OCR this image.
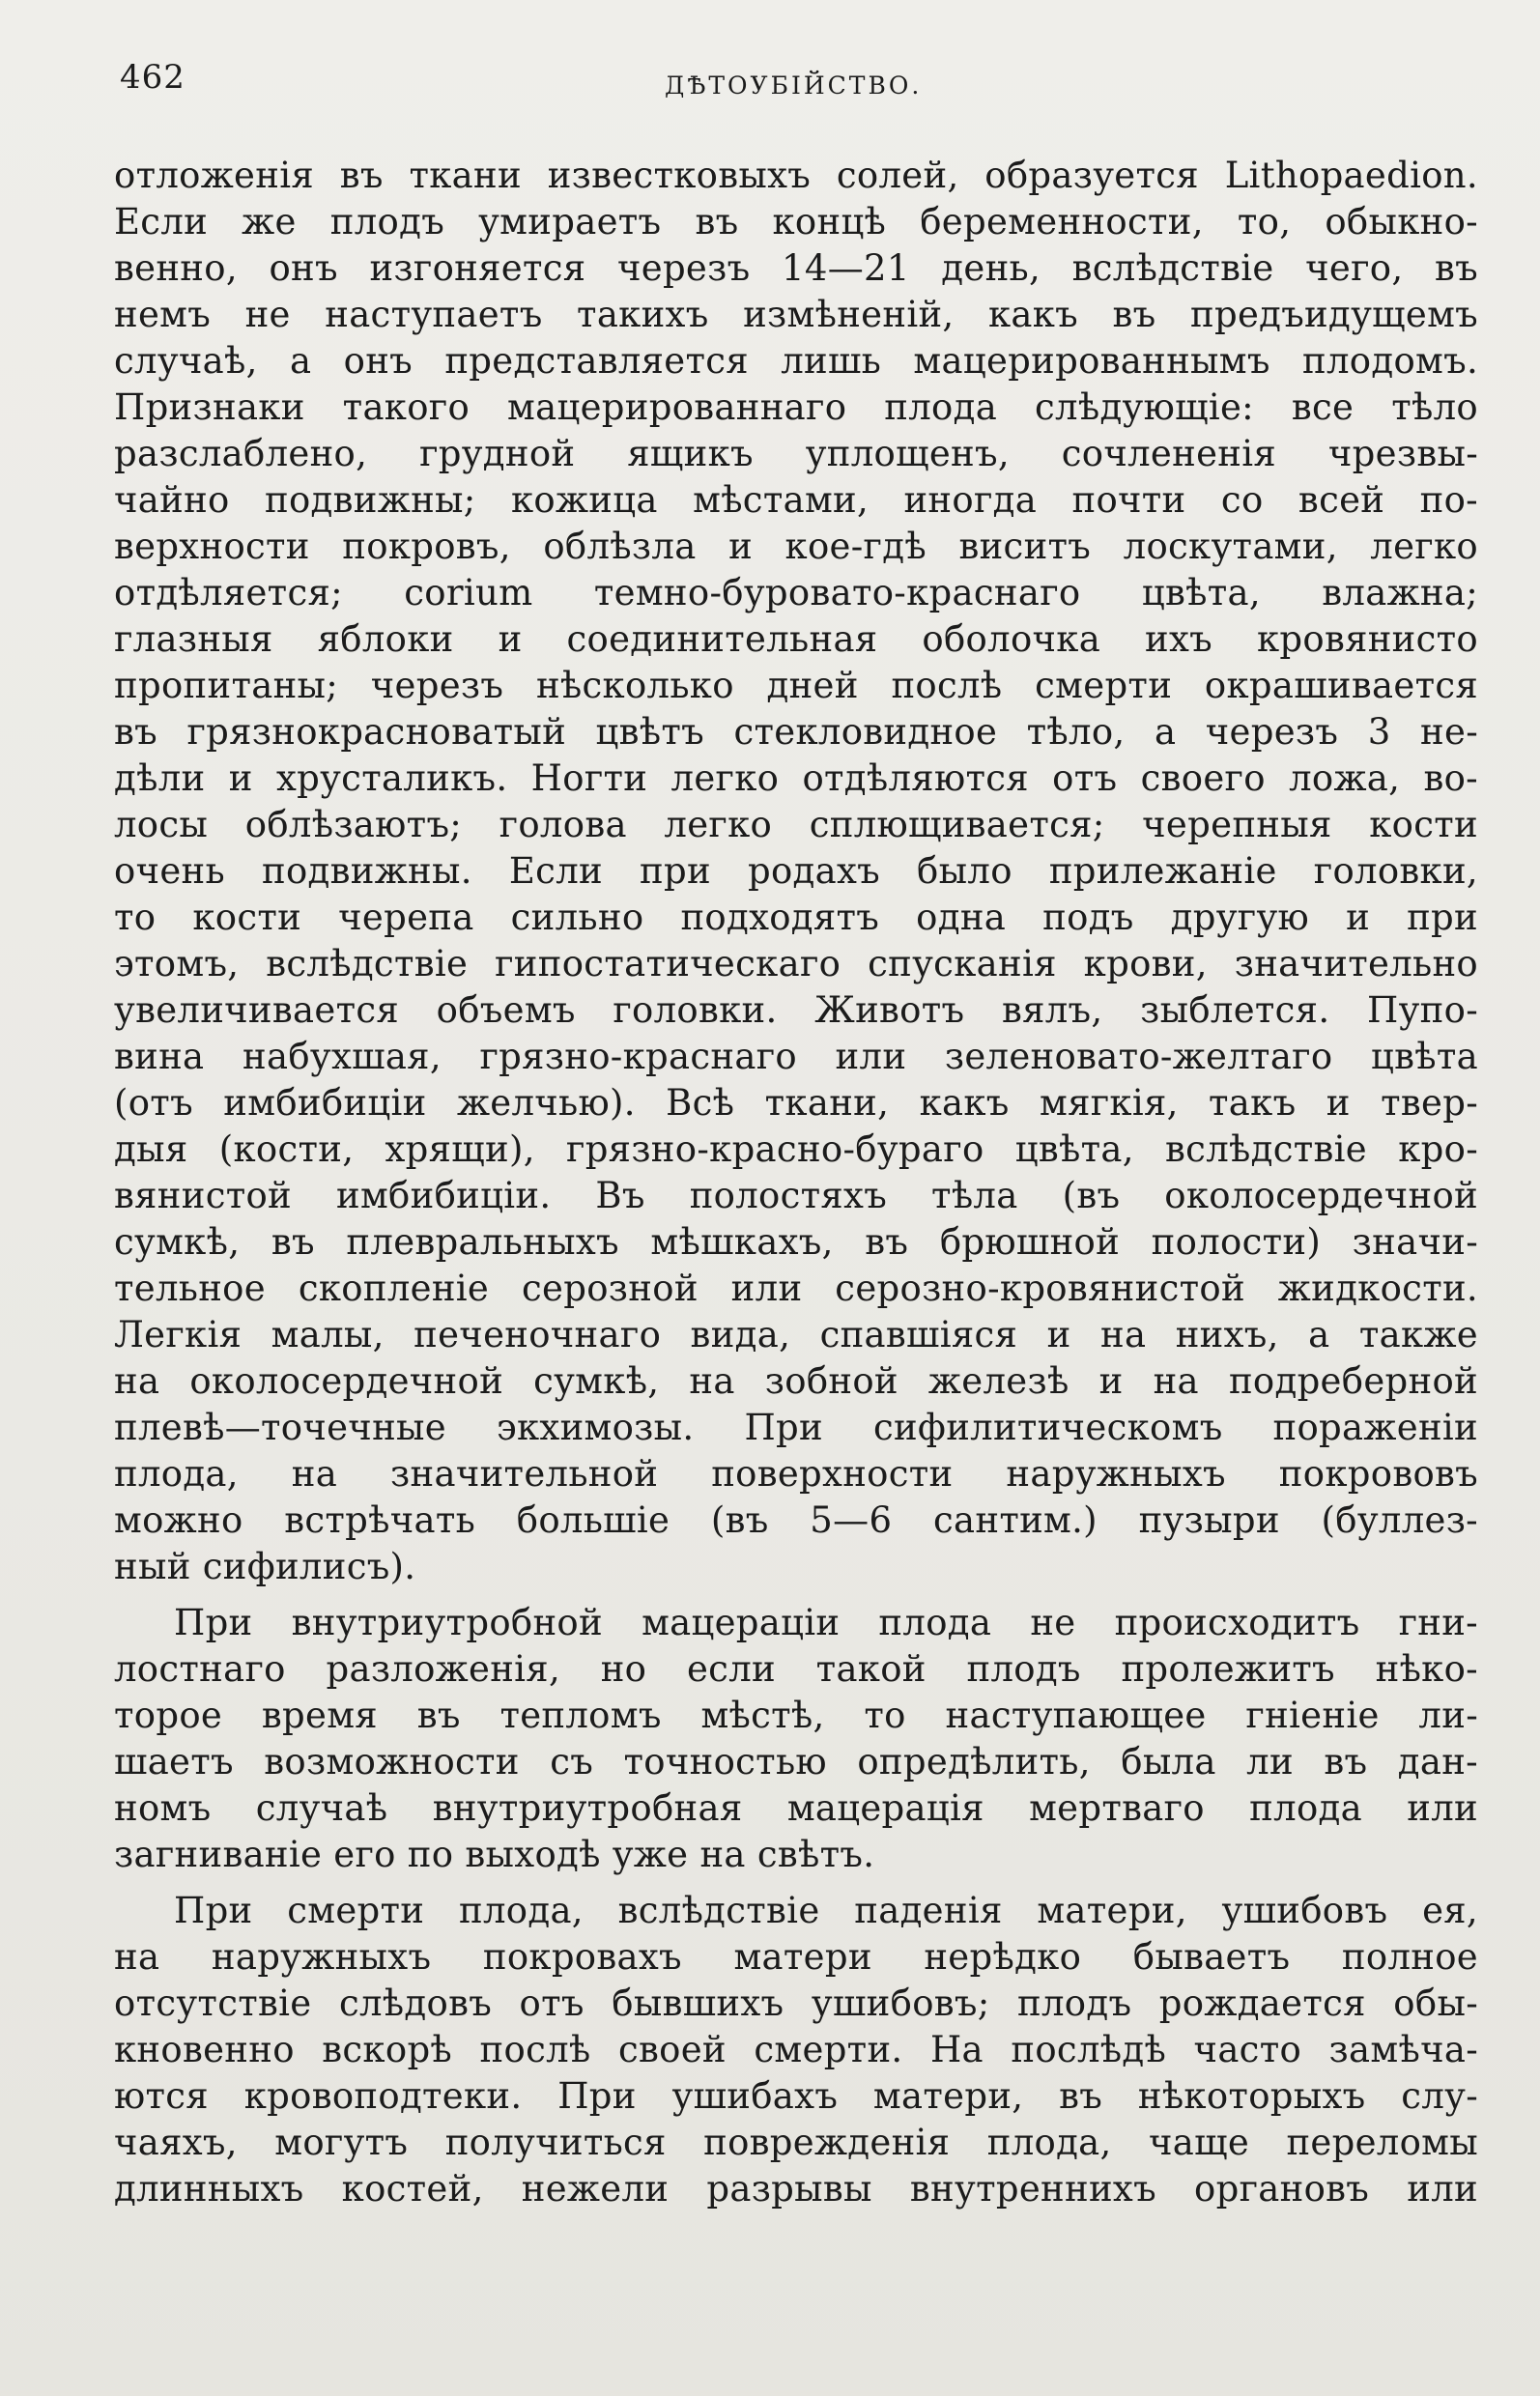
462	ДѢТОУБІЙСТВО.
отложенія въ ткани известковыхъ солей, образуется Lithopaedion.
Если же плодъ умираетъ въ концѣ беременности, то, обыкно-
венно, онъ изгоняется черезъ 14—21 день, вслѣдствіе чего, въ
немъ не наступаетъ такихъ измѣненій, какъ въ предъидущемъ
случаѣ, а онъ представляется лишь мацерированнымъ плодомъ.
Признаки такого мацерированнаго плода слѣдующіе: все тѣло
разслаблено, грудной ящикъ уплощенъ, сочлененія чрезвы-
чайно подвижны; кожица мѣстами, иногда почти со всей по-
верхности покровъ, облѣзла и кое-гдѣ виситъ лоскутами, легко
отдѣляется; corium темно-буровато-краснаго цвѣта, влажна;
глазныя яблоки и соединительная оболочка ихъ кровянисто
пропитаны; черезъ нѣсколько дней послѣ смерти окрашивается
въ грязнокрасноватый цвѣтъ стекловидное тѣло, а черезъ 3 не-
дѣли и хрусталикъ. Ногти легко отдѣляются отъ своего ложа, во-
лосы облѣзаютъ; голова легко сплющивается; черепныя кости
очень подвижны. Если при родахъ было прилежаніе головки,
то кости черепа сильно подходятъ одна подъ другую и при
этомъ, вслѣдствіе гипостатическаго спусканія крови, значительно
увеличивается объемъ головки. Животъ вялъ, зыблется. Пупо-
вина набухшая, грязно-краснаго или зеленовато-желтаго цвѣта
(отъ имбибиціи желчью). Всѣ ткани, какъ мягкія, такъ и твер-
дыя (кости, хрящи), грязно-красно-бураго цвѣта, вслѣдствіе кро-
вянистой имбибиціи. Въ полостяхъ тѣла (въ околосердечной
сумкѣ, въ плевральныхъ мѣшкахъ, въ брюшной полости) значи-
тельное скопленіе серозной или серозно-кровянистой жидкости.
Легкія малы, печеночнаго вида, спавшіяся и на нихъ, а также
на околосердечной сумкѣ, на зобной железѣ и на подреберной
плевѣ—точечные экхимозы. При сифилитическомъ пораженіи
плода, на значительной поверхности наружныхъ покрововъ
можно встрѣчать большіе (въ 5—6 сантим.) пузыри (буллез-
ный сифилисъ).
При внутриутробной мацераціи плода не происходитъ гни-
лостнаго разложенія, но если такой плодъ пролежитъ нѣко-
торое время въ тепломъ мѣстѣ, то наступающее гніеніе ли-
шаетъ возможности съ точностью опредѣлить, была ли въ дан-
номъ случаѣ внутриутробная мацерація мертваго плода или
загниваніе его по выходѣ уже на свѣтъ.
При смерти плода, вслѣдствіе паденія матери, ушибовъ ея,
на наружныхъ покровахъ матери нерѣдко бываетъ полное
отсутствіе слѣдовъ отъ бывшихъ ушибовъ; плодъ рождается обы-
кновенно вскорѣ послѣ своей смерти. На послѣдѣ часто замѣча-
ются кровоподтеки. При ушибахъ матери, въ нѣкоторыхъ слу-
чаяхъ, могутъ получиться поврежденія плода, чаще переломы
длинныхъ костей, нежели разрывы внутреннихъ органовъ или
